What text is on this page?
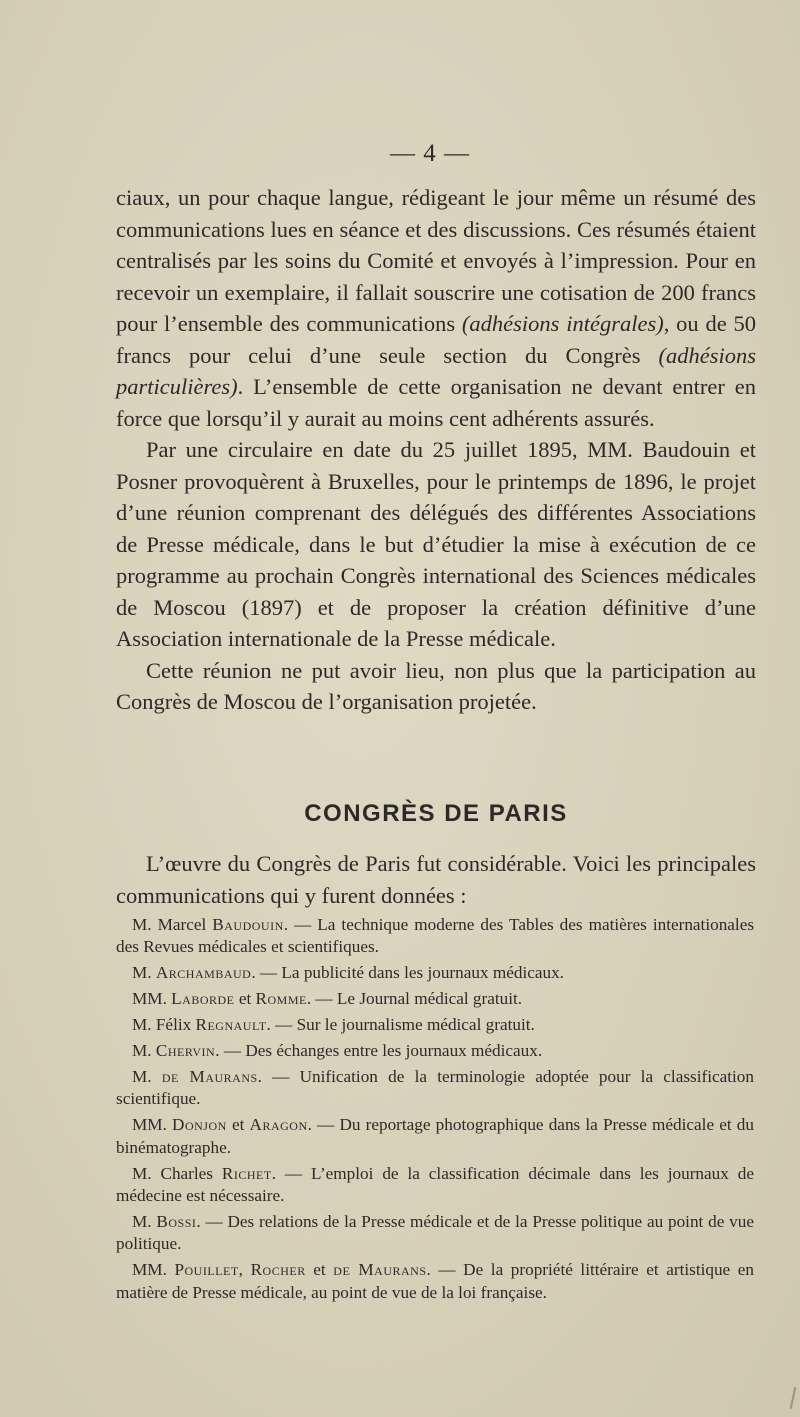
— 4 —

ciaux, un pour chaque langue, rédigeant le jour même un résumé des communications lues en séance et des discussions. Ces résumés étaient centralisés par les soins du Comité et envoyés à l’impression. Pour en recevoir un exemplaire, il fallait souscrire une cotisation de 200 francs pour l’ensemble des communications (adhésions intégrales), ou de 50 francs pour celui d’une seule section du Congrès (adhésions particulières). L’ensemble de cette organisation ne devant entrer en force que lorsqu’il y aurait au moins cent adhérents assurés.

Par une circulaire en date du 25 juillet 1895, MM. Baudouin et Posner provoquèrent à Bruxelles, pour le printemps de 1896, le projet d’une réunion comprenant des délégués des différentes Associations de Presse médicale, dans le but d’étudier la mise à exécution de ce programme au prochain Congrès international des Sciences médicales de Moscou (1897) et de proposer la création définitive d’une Association internationale de la Presse médicale.

Cette réunion ne put avoir lieu, non plus que la participation au Congrès de Moscou de l’organisation projetée.

CONGRÈS DE PARIS

L’œuvre du Congrès de Paris fut considérable. Voici les principales communications qui y furent données :

M. Marcel Baudouin. — La technique moderne des Tables des matières internationales des Revues médicales et scientifiques.

M. Archambaud. — La publicité dans les journaux médicaux.

MM. Laborde et Romme. — Le Journal médical gratuit.

M. Félix Regnault. — Sur le journalisme médical gratuit.

M. Chervin. — Des échanges entre les journaux médicaux.

M. de Maurans. — Unification de la terminologie adoptée pour la classification scientifique.

MM. Donjon et Aragon. — Du reportage photographique dans la Presse médicale et du binématographe.

M. Charles Richet. — L’emploi de la classification décimale dans les journaux de médecine est nécessaire.

M. Bossi. — Des relations de la Presse médicale et de la Presse politique au point de vue politique.

MM. Pouillet, Rocher et de Maurans. — De la propriété littéraire et artistique en matière de Presse médicale, au point de vue de la loi française.
